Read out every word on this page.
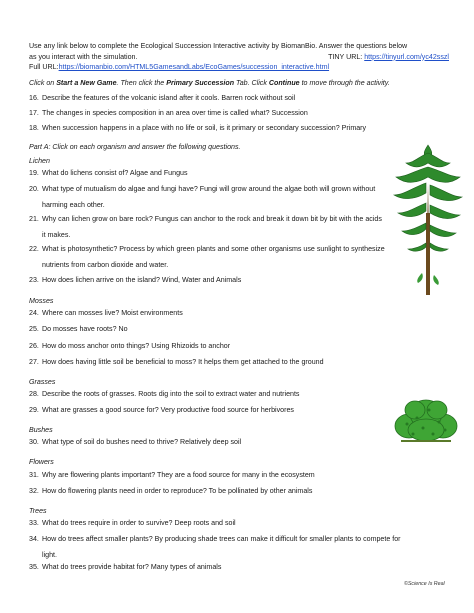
Use any link below to complete the Ecological Succession Interactive activity by BiomanBio. Answer the questions below
as you interact with the simulation.	TINY URL: https://tinyurl.com/yc42sszl
Full URL: https://biomanbio.com/HTML5GamesandLabs/EcoGames/succession_interactive.html
Click on Start a New Game. Then click the Primary Succession Tab. Click Continue to move through the activity.
16. Describe the features of the volcanic island after it cools. Barren rock without soil
17. The changes in species composition in an area over time is called what? Succession
18. When succession happens in a place with no life or soil, is it primary or secondary succession? Primary
Part A: Click on each organism and answer the following questions.
Lichen
19. What do lichens consist of? Algae and Fungus
20. What type of mutualism do algae and fungi have? Fungi will grow around the algae both will grown without
harming each other.
21. Why can lichen grow on bare rock? Fungus can anchor to the rock and break it down bit by bit with the acids
it makes.
22. What is photosynthetic? Process by which green plants and some other organisms use sunlight to synthesize
nutrients from carbon dioxide and water.
23. How does lichen arrive on the island? Wind, Water and Animals
Mosses
24. Where can mosses live? Moist environments
25. Do mosses have roots? No
26. How do moss anchor onto things? Using Rhizoids to anchor
27. How does having little soil be beneficial to moss? It helps them get attached to the ground
Grasses
28. Describe the roots of grasses. Roots dig into the soil to extract water and nutrients
29. What are grasses a good source for? Very productive food source for herbivores
Bushes
30. What type of soil do bushes need to thrive? Relatively deep soil
Flowers
31. Why are flowering plants important? They are a food source for many in the ecosystem
32. How do flowering plants need in order to reproduce? To be pollinated by other animals
Trees
33. What do trees require in order to survive? Deep roots and soil
34. How do trees affect smaller plants? By producing shade trees can make it difficult for smaller plants to compete for
light.
35. What do trees provide habitat for? Many types of animals
©Science Is Real
